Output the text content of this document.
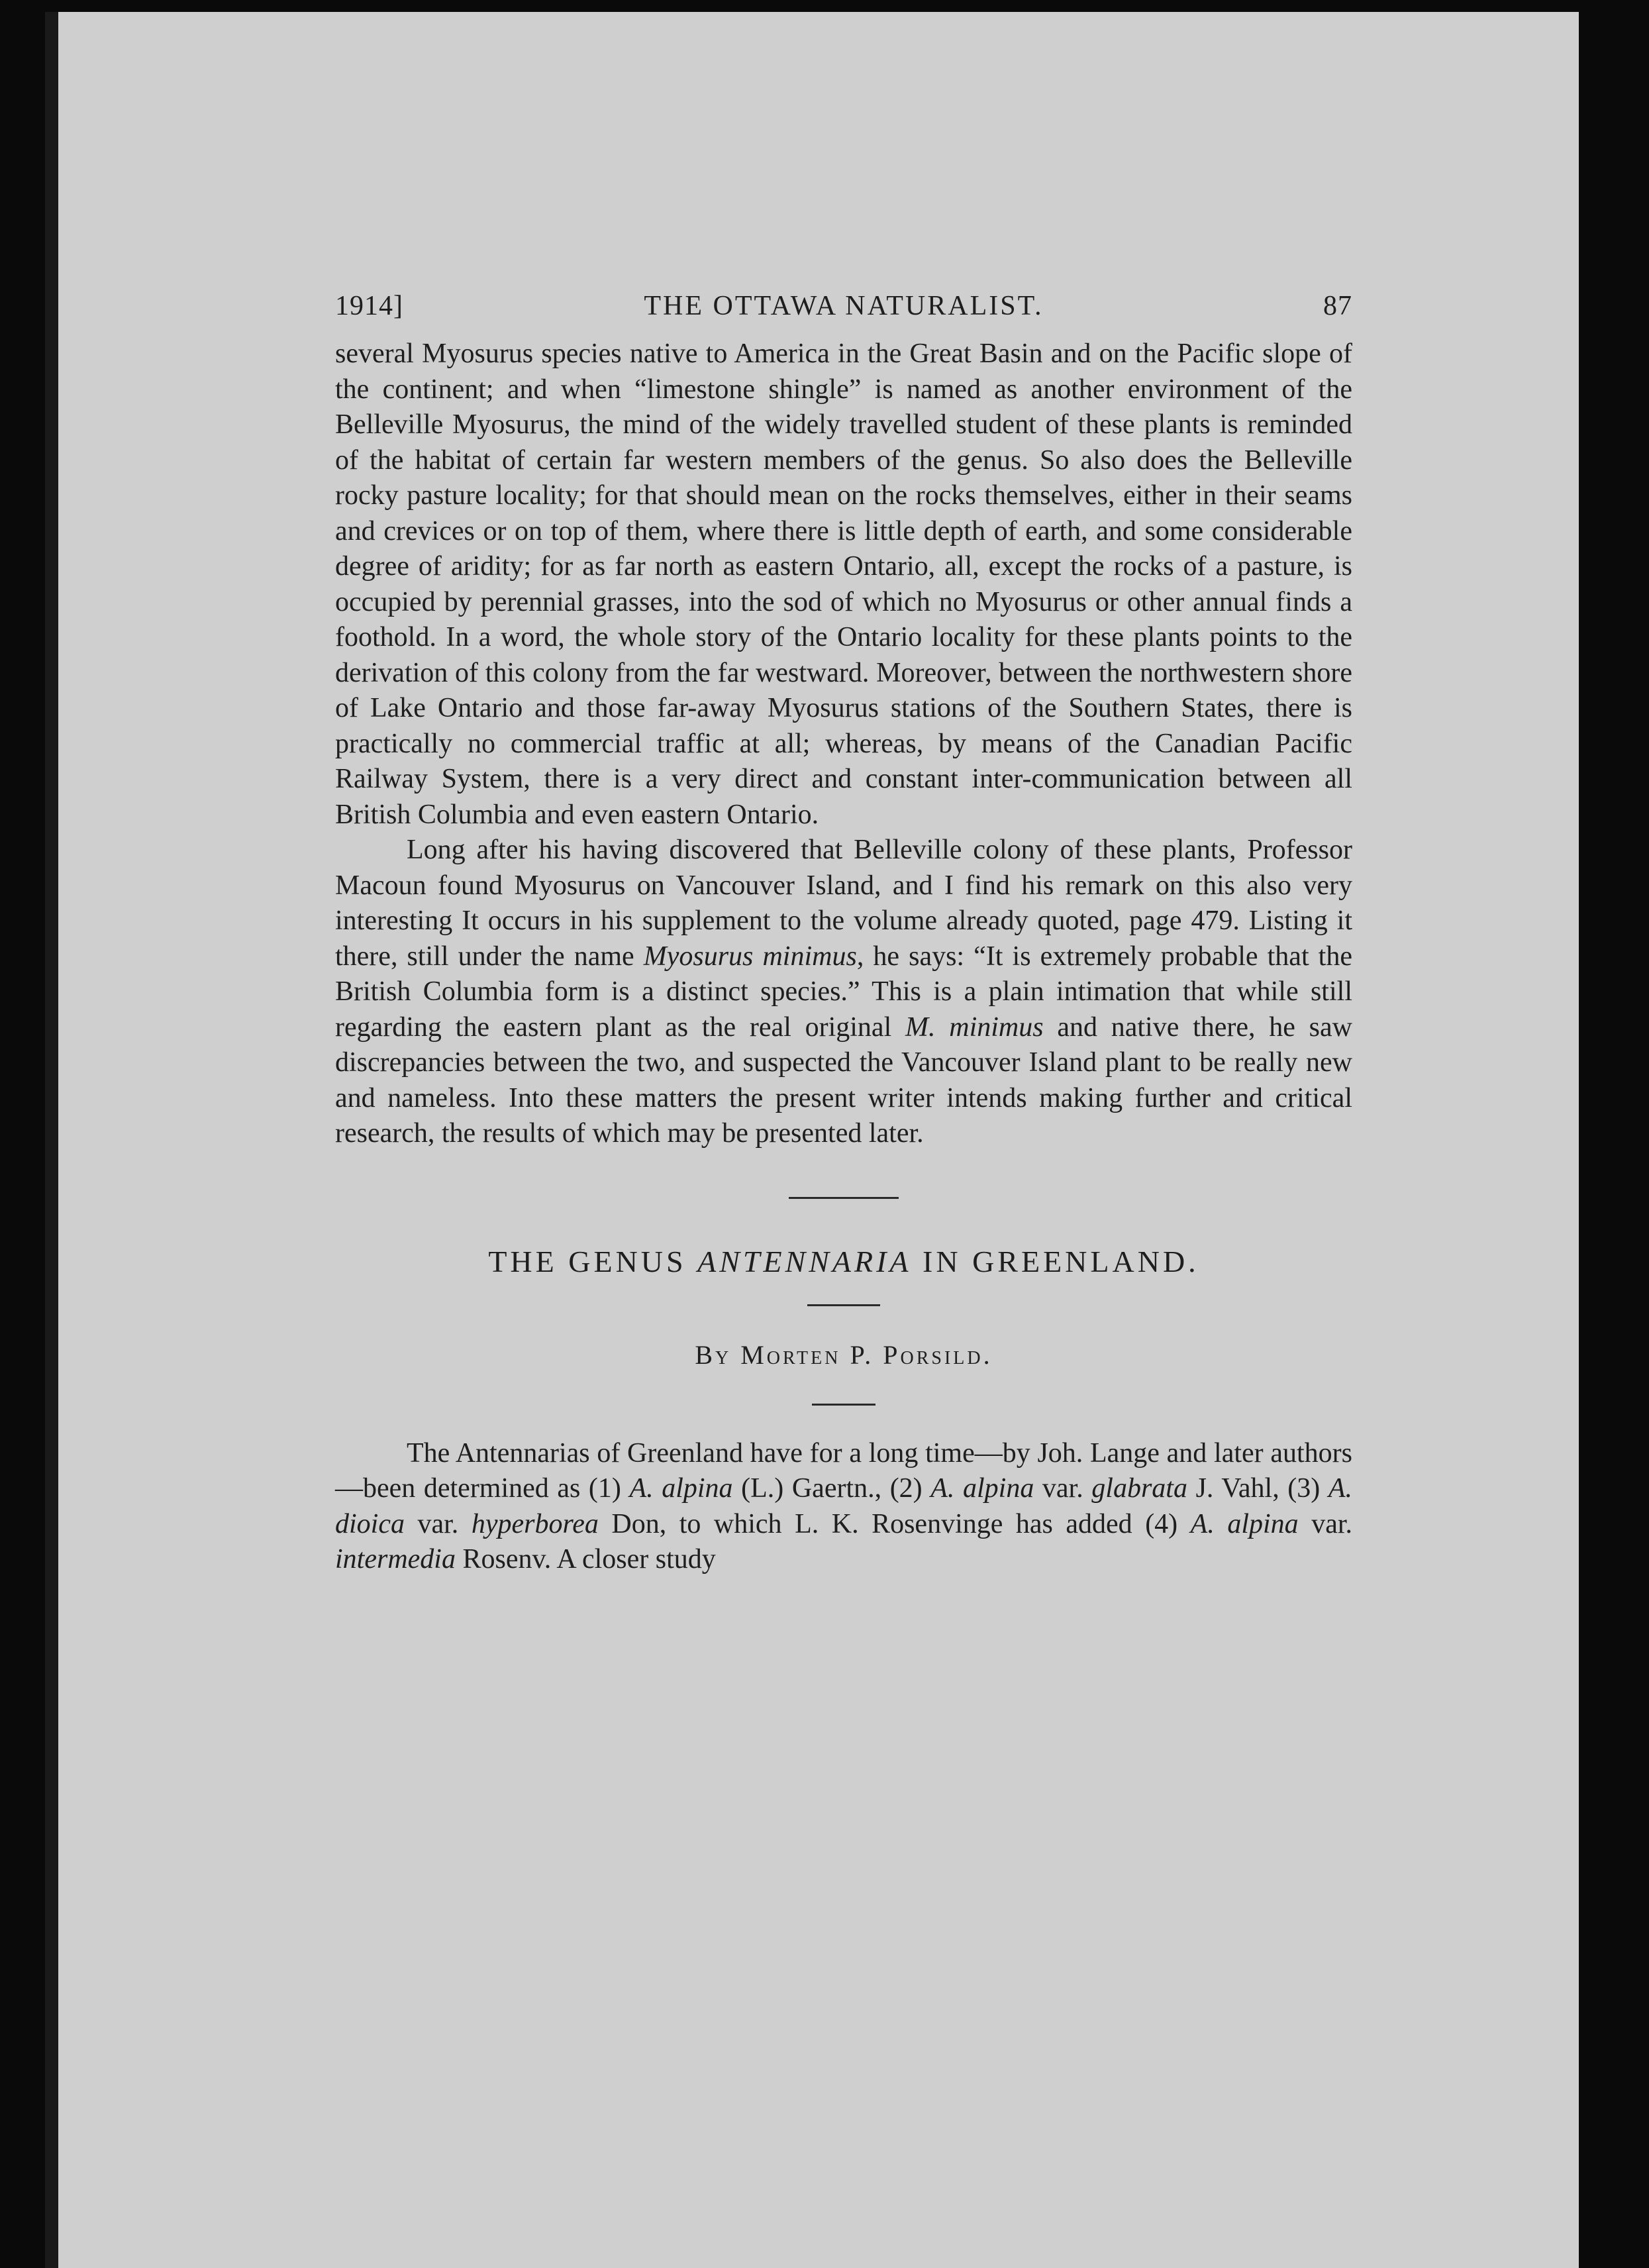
1914]	THE OTTAWA NATURALIST.	87

several Myosurus species native to America in the Great Basin and on the Pacific slope of the continent; and when “limestone shingle” is named as another environment of the Belleville Myosurus, the mind of the widely travelled student of these plants is reminded of the habitat of certain far western members of the genus. So also does the Belleville rocky pasture locality; for that should mean on the rocks themselves, either in their seams and crevices or on top of them, where there is little depth of earth, and some considerable degree of aridity; for as far north as eastern Ontario, all, except the rocks of a pasture, is occupied by perennial grasses, into the sod of which no Myosurus or other annual finds a foothold. In a word, the whole story of the Ontario locality for these plants points to the derivation of this colony from the far westward. Moreover, between the northwestern shore of Lake Ontario and those far-away Myosurus stations of the Southern States, there is practically no commercial traffic at all; whereas, by means of the Canadian Pacific Railway System, there is a very direct and constant inter-communication between all British Columbia and even eastern Ontario.

Long after his having discovered that Belleville colony of these plants, Professor Macoun found Myosurus on Vancouver Island, and I find his remark on this also very interesting It occurs in his supplement to the volume already quoted, page 479. Listing it there, still under the name Myosurus minimus, he says: “It is extremely probable that the British Columbia form is a distinct species.” This is a plain intimation that while still regarding the eastern plant as the real original M. minimus and native there, he saw discrepancies between the two, and suspected the Vancouver Island plant to be really new and nameless. Into these matters the present writer intends making further and critical research, the results of which may be presented later.

THE GENUS ANTENNARIA IN GREENLAND.
By Morten P. Porsild.

The Antennarias of Greenland have for a long time—by Joh. Lange and later authors—been determined as (1) A. alpina (L.) Gaertn., (2) A. alpina var. glabrata J. Vahl, (3) A. dioica var. hyperborea Don, to which L. K. Rosenvinge has added (4) A. alpina var. intermedia Rosenv. A closer study
